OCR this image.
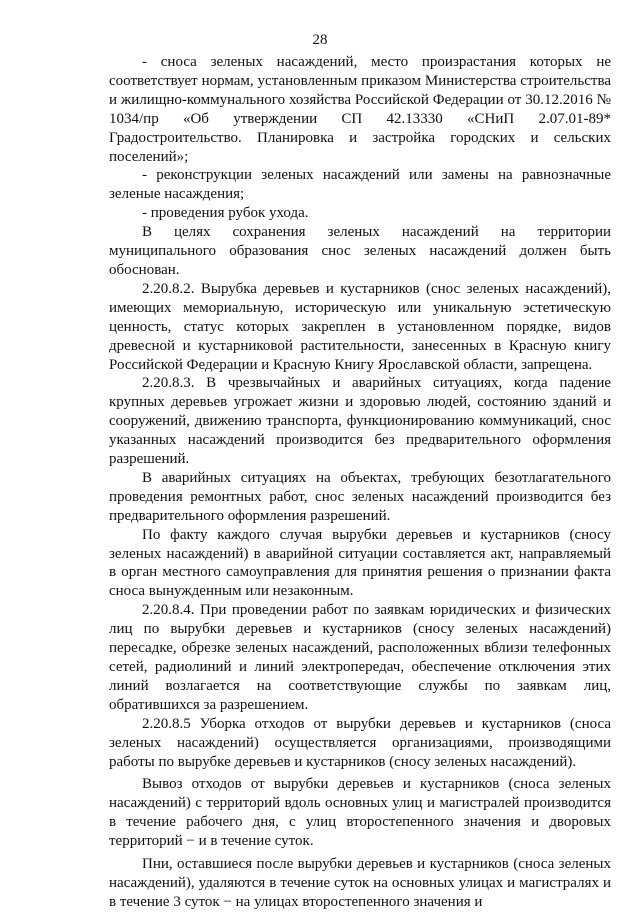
28

- сноса зеленых насаждений, место произрастания которых не соответствует нормам, установленным приказом Министерства строительства и жилищно-коммунального хозяйства Российской Федерации от 30.12.2016 № 1034/пр «Об утверждении СП 42.13330 «СНиП 2.07.01-89* Градостроительство. Планировка и застройка городских и сельских поселений»;

- реконструкции зеленых насаждений или замены на равнозначные зеленые насаждения;

- проведения рубок ухода.

В целях сохранения зеленых насаждений на территории муниципального образования снос зеленых насаждений должен быть обоснован.

2.20.8.2. Вырубка деревьев и кустарников (снос зеленых насаждений), имеющих мемориальную, историческую или уникальную эстетическую ценность, статус которых закреплен в установленном порядке, видов древесной и кустарниковой растительности, занесенных в Красную книгу Российской Федерации и Красную Книгу Ярославской области, запрещена.

2.20.8.3. В чрезвычайных и аварийных ситуациях, когда падение крупных деревьев угрожает жизни и здоровью людей, состоянию зданий и сооружений, движению транспорта, функционированию коммуникаций, снос указанных насаждений производится без предварительного оформления разрешений.

В аварийных ситуациях на объектах, требующих безотлагательного проведения ремонтных работ, снос зеленых насаждений производится без предварительного оформления разрешений.

По факту каждого случая вырубки деревьев и кустарников (сносу зеленых насаждений) в аварийной ситуации составляется акт, направляемый в орган местного самоуправления для принятия решения о признании факта сноса вынужденным или незаконным.

2.20.8.4. При проведении работ по заявкам юридических и физических лиц по вырубки деревьев и кустарников (сносу зеленых насаждений) пересадке, обрезке зеленых насаждений, расположенных вблизи телефонных сетей, радиолиний и линий электропередач, обеспечение отключения этих линий возлагается на соответствующие службы по заявкам лиц, обратившихся за разрешением.

2.20.8.5 Уборка отходов от вырубки деревьев и кустарников (сноса зеленых насаждений) осуществляется организациями, производящими работы по вырубке деревьев и кустарников (сносу зеленых насаждений).

Вывоз отходов от вырубки деревьев и кустарников (сноса зеленых насаждений) с территорий вдоль основных улиц и магистралей производится в течение рабочего дня, с улиц второстепенного значения и дворовых территорий − и в течение суток.

Пни, оставшиеся после вырубки деревьев и кустарников (сноса зеленых насаждений), удаляются в течение суток на основных улицах и магистралях и в течение 3 суток − на улицах второстепенного значения и
